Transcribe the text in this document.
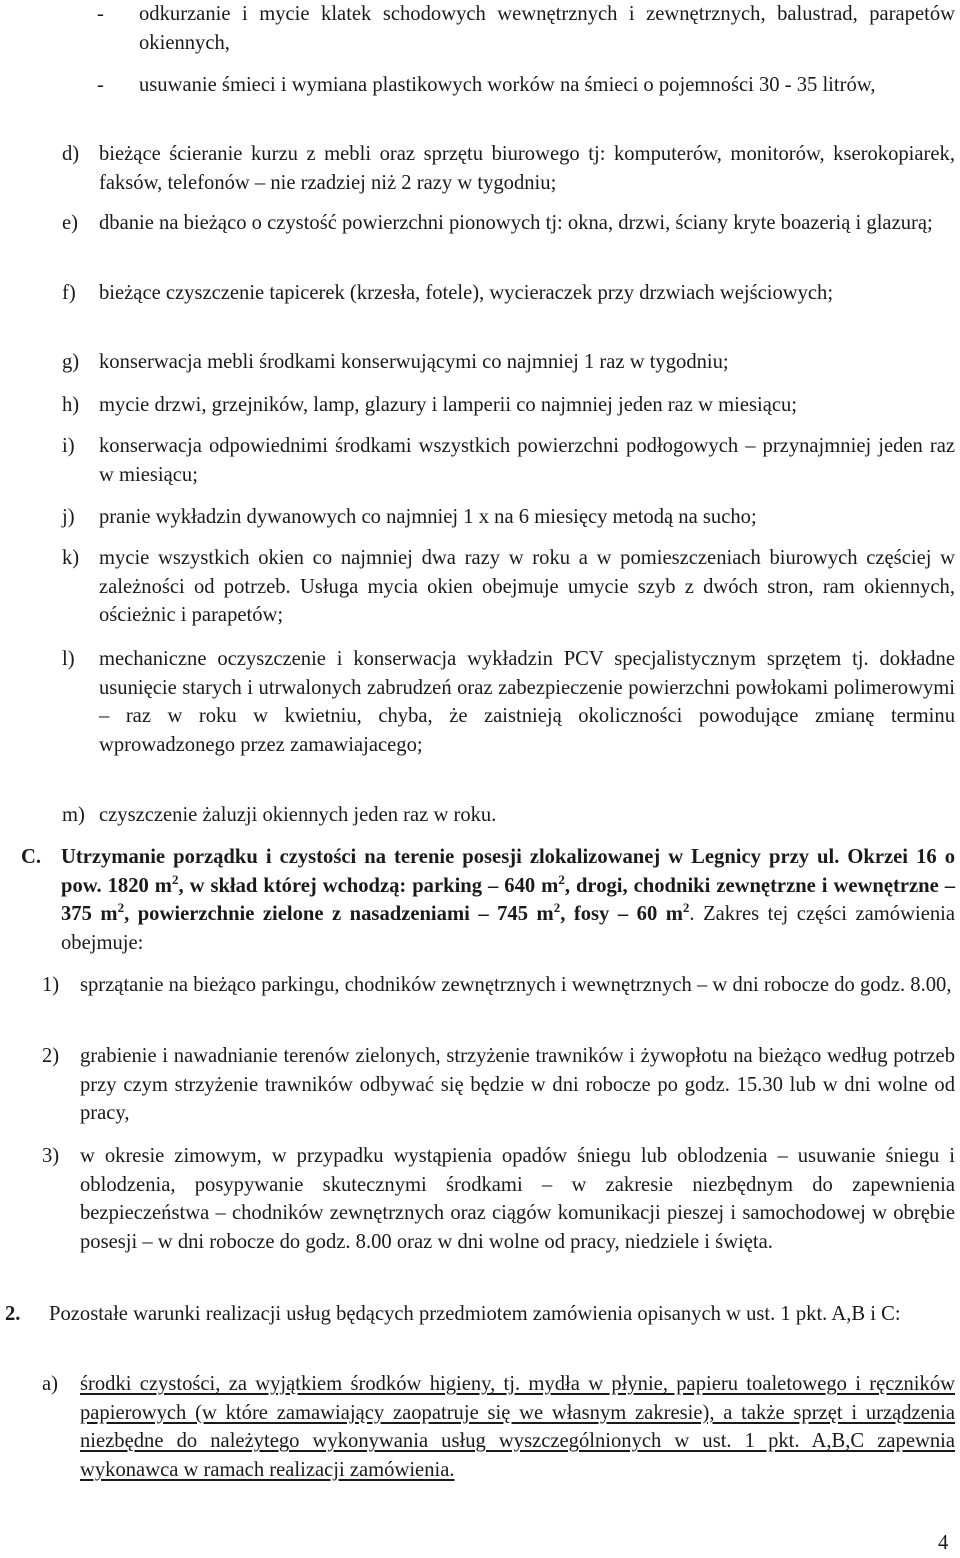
-	odkurzanie i mycie klatek schodowych wewnętrznych i zewnętrznych, balustrad, parapetów okiennych,
-	usuwanie śmieci i wymiana plastikowych worków na śmieci o pojemności 30 - 35 litrów,
d) bieżące ścieranie kurzu z mebli oraz sprzętu biurowego tj: komputerów, monitorów, kserokopiarek, faksów, telefonów – nie rzadziej niż 2 razy w tygodniu;
e)	dbanie na bieżąco o czystość powierzchni pionowych tj: okna, drzwi, ściany kryte boazerią i glazurą;
f)	bieżące czyszczenie tapicerek (krzesła, fotele), wycieraczek przy drzwiach wejściowych;
g) konserwacja mebli środkami konserwującymi co najmniej 1 raz w tygodniu;
h) mycie drzwi, grzejników, lamp, glazury i lamperii co najmniej jeden raz w miesiącu;
i)	konserwacja odpowiednimi środkami wszystkich powierzchni podłogowych – przynajmniej jeden raz w miesiącu;
j)	pranie wykładzin dywanowych co najmniej 1 x na 6 miesięcy metodą na sucho;
k) mycie wszystkich okien co najmniej dwa razy w roku a w pomieszczeniach biurowych częściej w zależności od potrzeb. Usługa mycia okien obejmuje umycie szyb z dwóch stron, ram okiennych, ościeżnic i parapetów;
l)	mechaniczne oczyszczenie i konserwacja wykładzin PCV specjalistycznym sprzętem tj. dokładne usunięcie starych i utrwalonych zabrudzeń oraz zabezpieczenie powierzchni powłokami polimerowymi – raz w roku w kwietniu, chyba, że zaistnieją okoliczności powodujące zmianę terminu wprowadzonego przez zamawiajacego;
m) czyszczenie żaluzji okiennych jeden raz w roku.
C. Utrzymanie porządku i czystości na terenie posesji zlokalizowanej w Legnicy przy ul. Okrzei 16 o pow. 1820 $m^2$, w skład której wchodzą: parking – 640 $m^2$, drogi, chodniki zewnętrzne i wewnętrzne – 375 $m^2$, powierzchnie zielone z nasadzeniami – 745 $m^2$, fosy – 60 $m^2$. Zakres tej części zamówienia obejmuje:
1)	sprzątanie na bieżąco parkingu, chodników zewnętrznych i wewnętrznych – w dni robocze do godz. 8.00,
2)	grabienie i nawadnianie terenów zielonych, strzyżenie trawników i żywopłotu na bieżąco według potrzeb przy czym strzyżenie trawników odbywać się będzie w dni robocze po godz. 15.30 lub w dni wolne od pracy,
3)	w okresie zimowym, w przypadku wystąpienia opadów śniegu lub oblodzenia – usuwanie śniegu i oblodzenia, posypywanie skutecznymi środkami – w zakresie niezbędnym do zapewnienia bezpieczeństwa – chodników zewnętrznych oraz ciągów komunikacji pieszej i samochodowej w obrębie posesji – w dni robocze do godz. 8.00 oraz w dni wolne od pracy, niedziele i święta.
2.	Pozostałe warunki realizacji usług będących przedmiotem zamówienia opisanych w ust. 1 pkt. A,B i C:
a)	środki czystości, za wyjątkiem środków higieny, tj. mydła w płynie, papieru toaletowego i ręczników papierowych (w które zamawiający zaopatruje się we własnym zakresie), a także sprzęt i urządzenia niezbędne do należytego wykonywania usług wyszczególnionych w ust. 1 pkt. A,B,C zapewnia wykonawca w ramach realizacji zamówienia.
4
